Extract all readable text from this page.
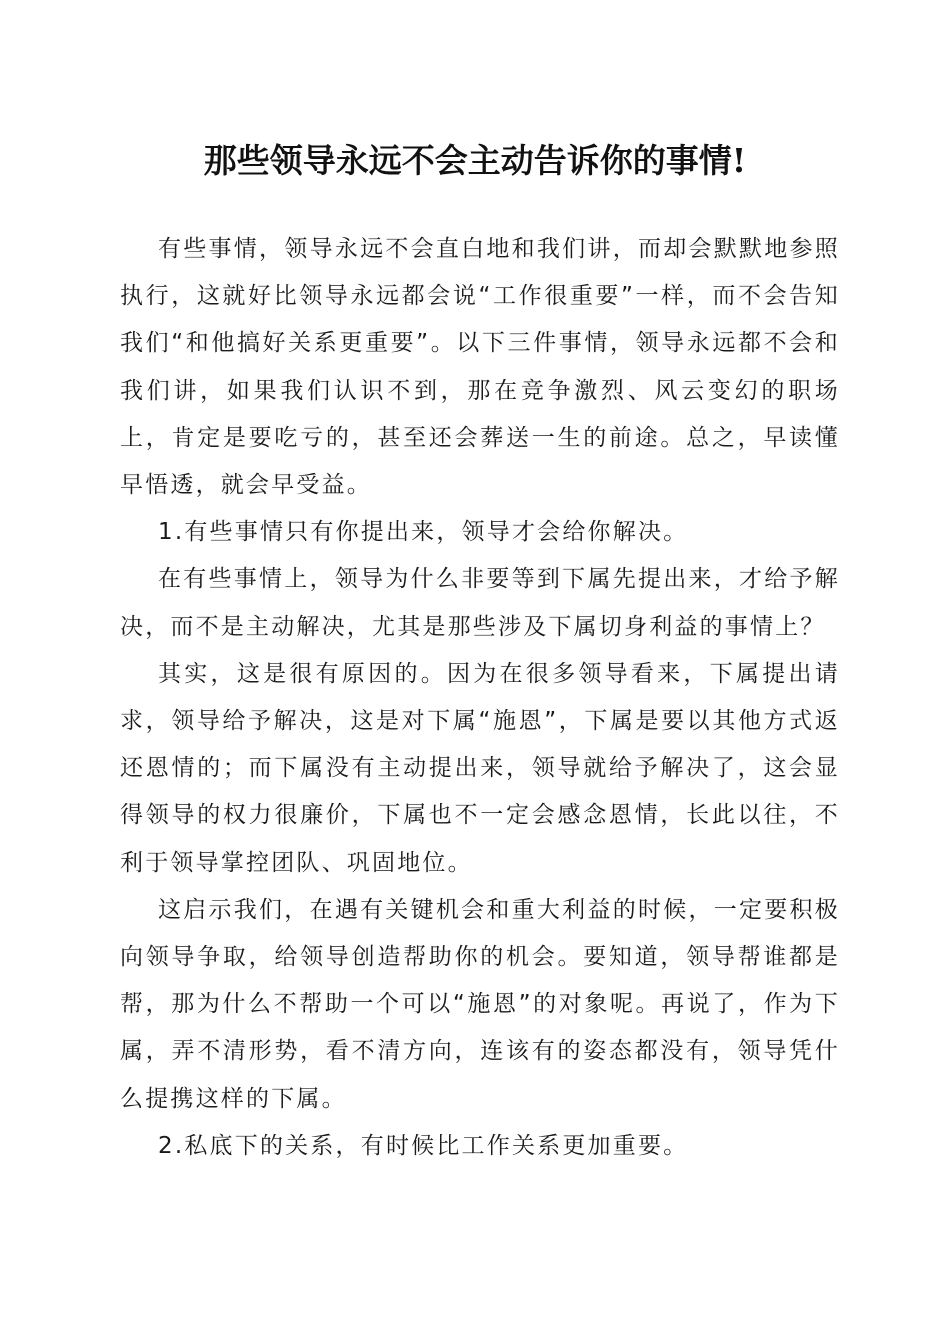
那些领导永远不会主动告诉你的事情!

有些事情，领导永远不会直白地和我们讲，而却会默默地参照执行，这就好比领导永远都会说“工作很重要”一样，而不会告知我们“和他搞好关系更重要”。以下三件事情，领导永远都不会和我们讲，如果我们认识不到，那在竞争激烈、风云变幻的职场上，肯定是要吃亏的，甚至还会葬送一生的前途。总之，早读懂早悟透，就会早受益。

1.有些事情只有你提出来，领导才会给你解决。

在有些事情上，领导为什么非要等到下属先提出来，才给予解决，而不是主动解决，尤其是那些涉及下属切身利益的事情上？

其实，这是很有原因的。因为在很多领导看来，下属提出请求，领导给予解决，这是对下属“施恩”，下属是要以其他方式返还恩情的；而下属没有主动提出来，领导就给予解决了，这会显得领导的权力很廉价，下属也不一定会感念恩情，长此以往，不利于领导掌控团队、巩固地位。

这启示我们，在遇有关键机会和重大利益的时候，一定要积极向领导争取，给领导创造帮助你的机会。要知道，领导帮谁都是帮，那为什么不帮助一个可以“施恩”的对象呢。再说了，作为下属，弄不清形势，看不清方向，连该有的姿态都没有，领导凭什么提携这样的下属。

2.私底下的关系，有时候比工作关系更加重要。
